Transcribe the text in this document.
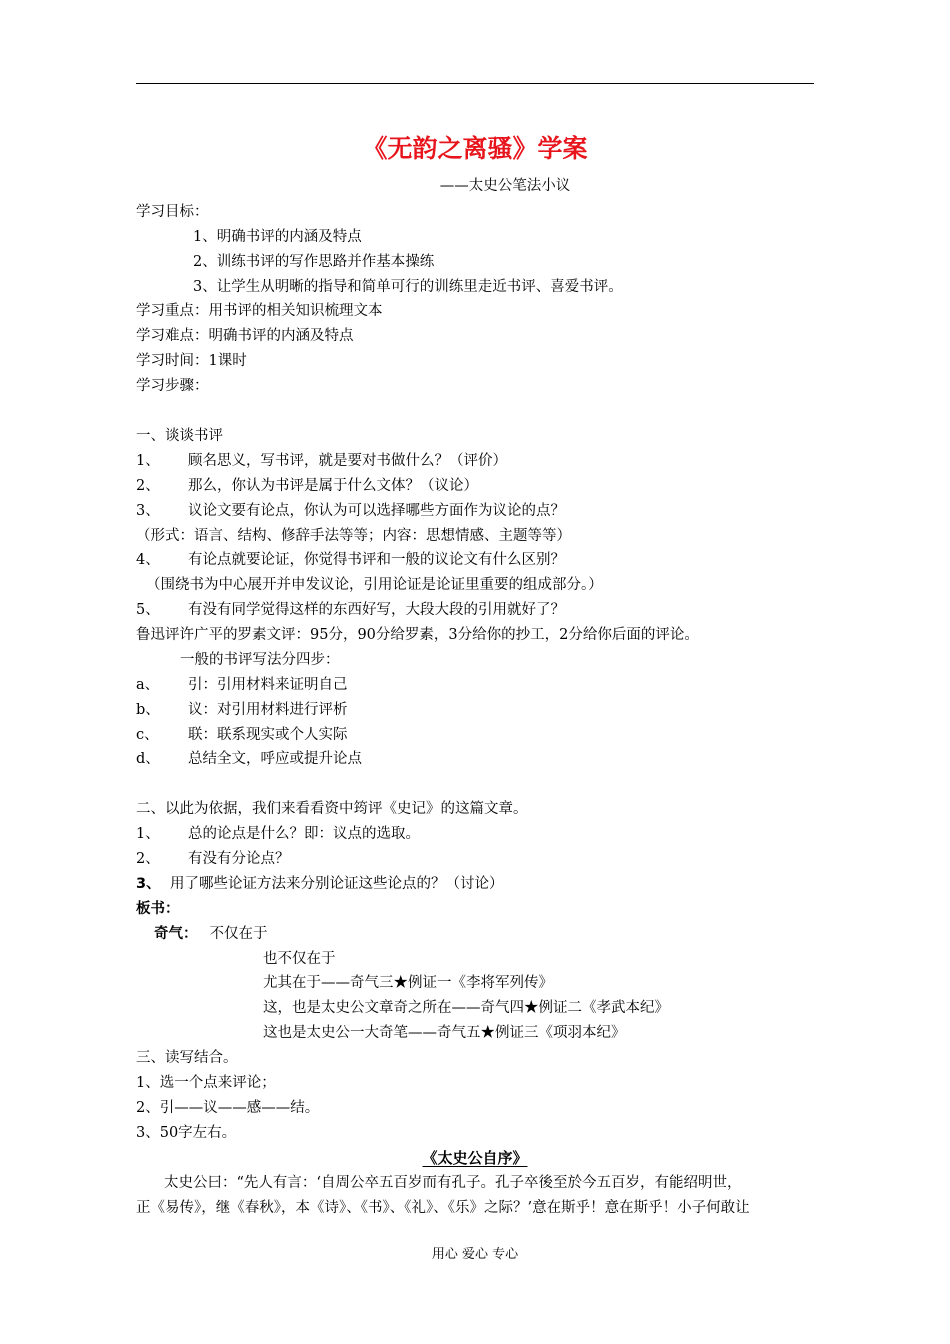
《无韵之离骚》学案
——太史公笔法小议
学习目标：
1、明确书评的内涵及特点
2、训练书评的写作思路并作基本操练
3、让学生从明晰的指导和简单可行的训练里走近书评、喜爱书评。
学习重点：用书评的相关知识梳理文本
学习难点：明确书评的内涵及特点
学习时间：1课时
学习步骤：
一、谈谈书评
1、 顾名思义，写书评，就是要对书做什么？（评价）
2、 那么，你认为书评是属于什么文体？（议论）
3、 议论文要有论点，你认为可以选择哪些方面作为议论的点？
（形式：语言、结构、修辞手法等等；内容：思想情感、主题等等）
4、 有论点就要论证，你觉得书评和一般的议论文有什么区别？
（围绕书为中心展开并申发议论，引用论证是论证里重要的组成部分。）
5、 有没有同学觉得这样的东西好写，大段大段的引用就好了？
鲁迅评许广平的罗素文评：95分，90分给罗素，3分给你的抄工，2分给你后面的评论。
一般的书评写法分四步：
a、 引：引用材料来证明自己
b、 议：对引用材料进行评析
c、 联：联系现实或个人实际
d、 总结全文，呼应或提升论点
二、以此为依据，我们来看看资中筠评《史记》的这篇文章。
1、 总的论点是什么？即：议点的选取。
2、 有没有分论点？
3、 用了哪些论证方法来分别论证这些论点的？（讨论）
板书：
奇气： 不仅在于
也不仅在于
尤其在于——奇气三★例证一《李将军列传》
这，也是太史公文章奇之所在——奇气四★例证二《孝武本纪》
这也是太史公一大奇笔——奇气五★例证三《项羽本纪》
三、读写结合。
1、选一个点来评论；
2、引——议——感——结。
3、50字左右。
《太史公自序》
太史公曰：“先人有言：‘自周公卒五百岁而有孔子。孔子卒後至於今五百岁，有能绍明世，
正《易传》，继《春秋》，本《诗》、《书》、《礼》、《乐》之际？’意在斯乎！意在斯乎！小子何敢让
用心 爱心 专心
